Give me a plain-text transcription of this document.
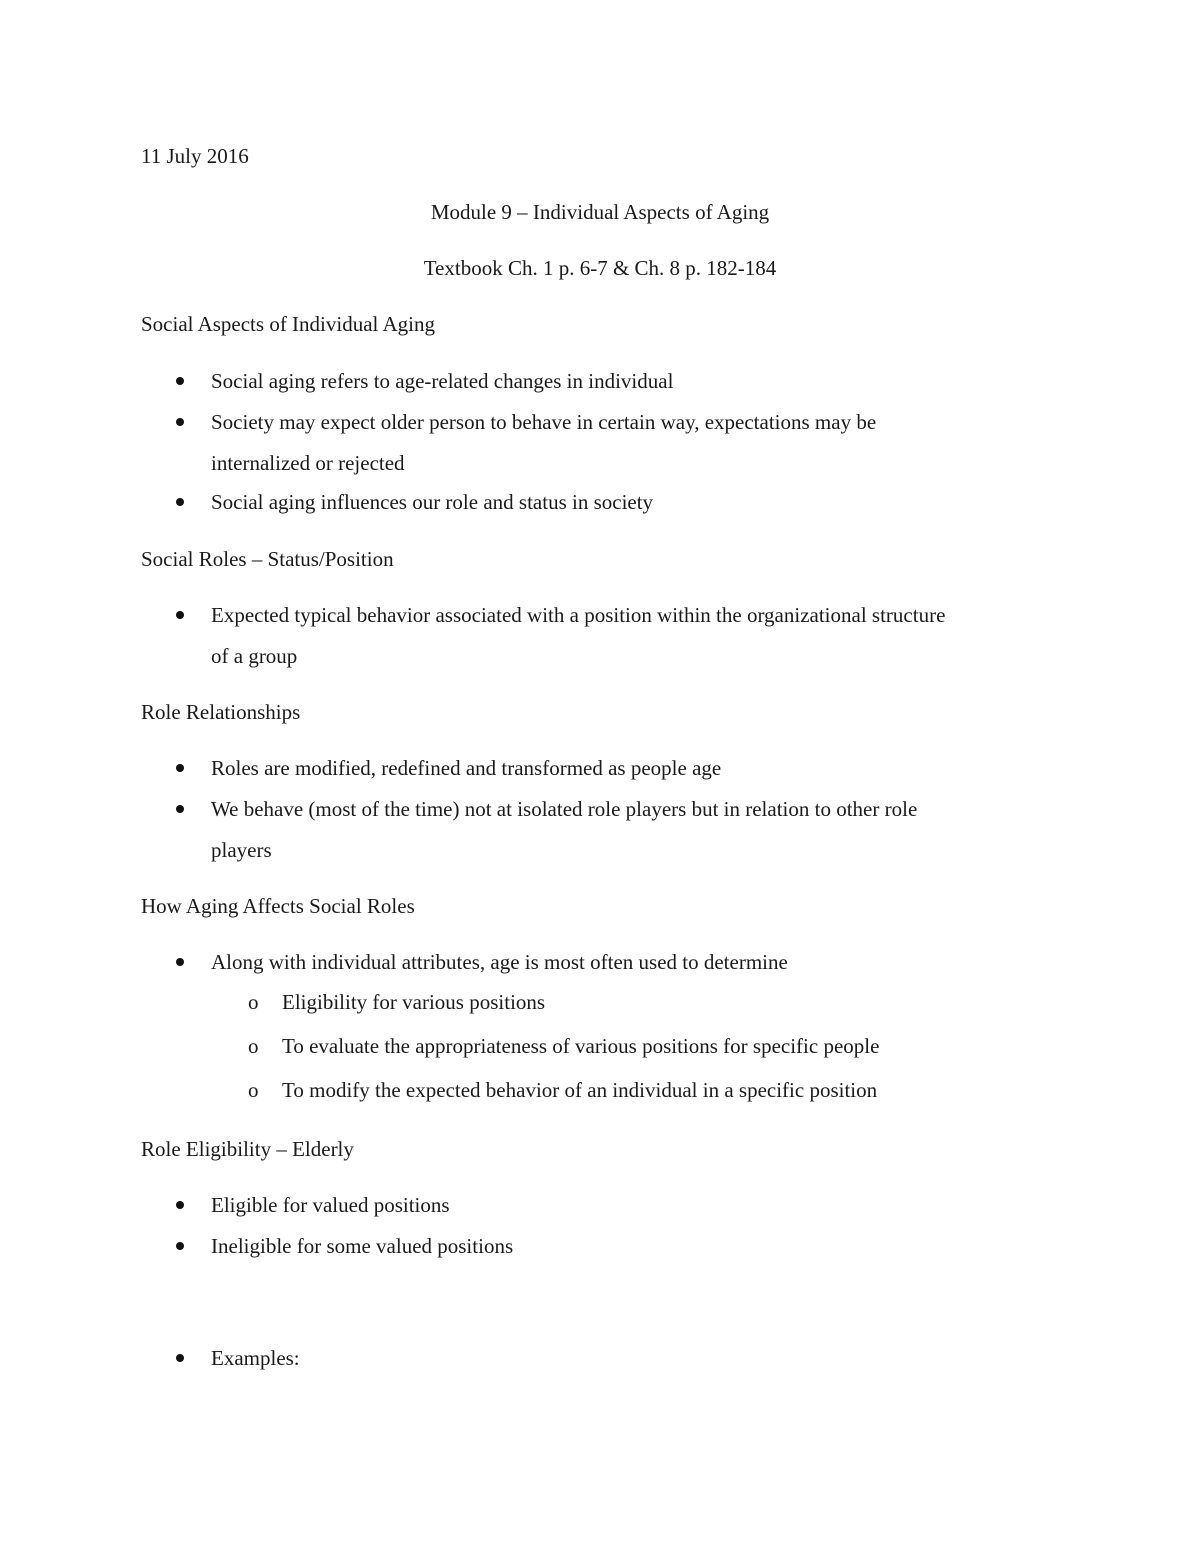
11 July 2016
Module 9 – Individual Aspects of Aging
Textbook Ch. 1 p. 6-7 & Ch. 8 p. 182-184
Social Aspects of Individual Aging
Social aging refers to age-related changes in individual
Society may expect older person to behave in certain way, expectations may be
internalized or rejected
Social aging influences our role and status in society
Social Roles – Status/Position
Expected typical behavior associated with a position within the organizational structure
of a group
Role Relationships
Roles are modified, redefined and transformed as people age
We behave (most of the time) not at isolated role players but in relation to other role
players
How Aging Affects Social Roles
Along with individual attributes, age is most often used to determine
o Eligibility for various positions
o To evaluate the appropriateness of various positions for specific people
o To modify the expected behavior of an individual in a specific position
Role Eligibility – Elderly
Eligible for valued positions
Ineligible for some valued positions
Examples:
